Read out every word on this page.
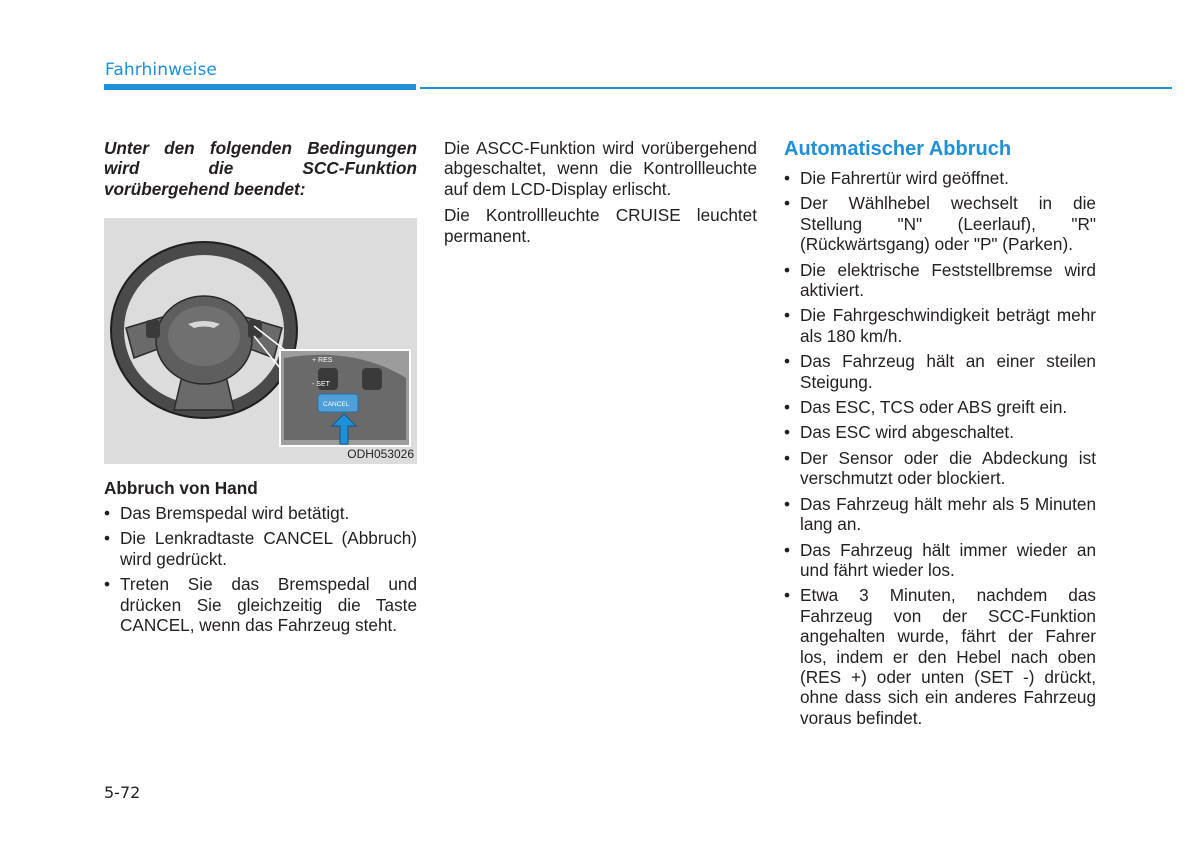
Fahrhinweise

Unter den folgenden Bedingungen wird die SCC-Funktion vorübergehend beendet:

+ RES
- SET
CANCEL
ODH053026
Abbruch von Hand
• Das Bremspedal wird betätigt.
• Die Lenkradtaste CANCEL (Abbruch) wird gedrückt.
• Treten Sie das Bremspedal und drücken Sie gleichzeitig die Taste CANCEL, wenn das Fahrzeug steht.

Die ASCC-Funktion wird vorübergehend abgeschaltet, wenn die Kontrollleuchte auf dem LCD-Display erlischt.

Die Kontrollleuchte CRUISE leuchtet permanent.

Automatischer Abbruch
• Die Fahrertür wird geöffnet.
• Der Wählhebel wechselt in die Stellung "N" (Leerlauf), "R" (Rückwärtsgang) oder "P" (Parken).
• Die elektrische Feststellbremse wird aktiviert.
• Die Fahrgeschwindigkeit beträgt mehr als 180 km/h.
• Das Fahrzeug hält an einer steilen Steigung.
• Das ESC, TCS oder ABS greift ein.
• Das ESC wird abgeschaltet.
• Der Sensor oder die Abdeckung ist verschmutzt oder blockiert.
• Das Fahrzeug hält mehr als 5 Minuten lang an.
• Das Fahrzeug hält immer wieder an und fährt wieder los.
• Etwa 3 Minuten, nachdem das Fahrzeug von der SCC-Funktion angehalten wurde, fährt der Fahrer los, indem er den Hebel nach oben (RES +) oder unten (SET -) drückt, ohne dass sich ein anderes Fahrzeug voraus befindet.
5-72
